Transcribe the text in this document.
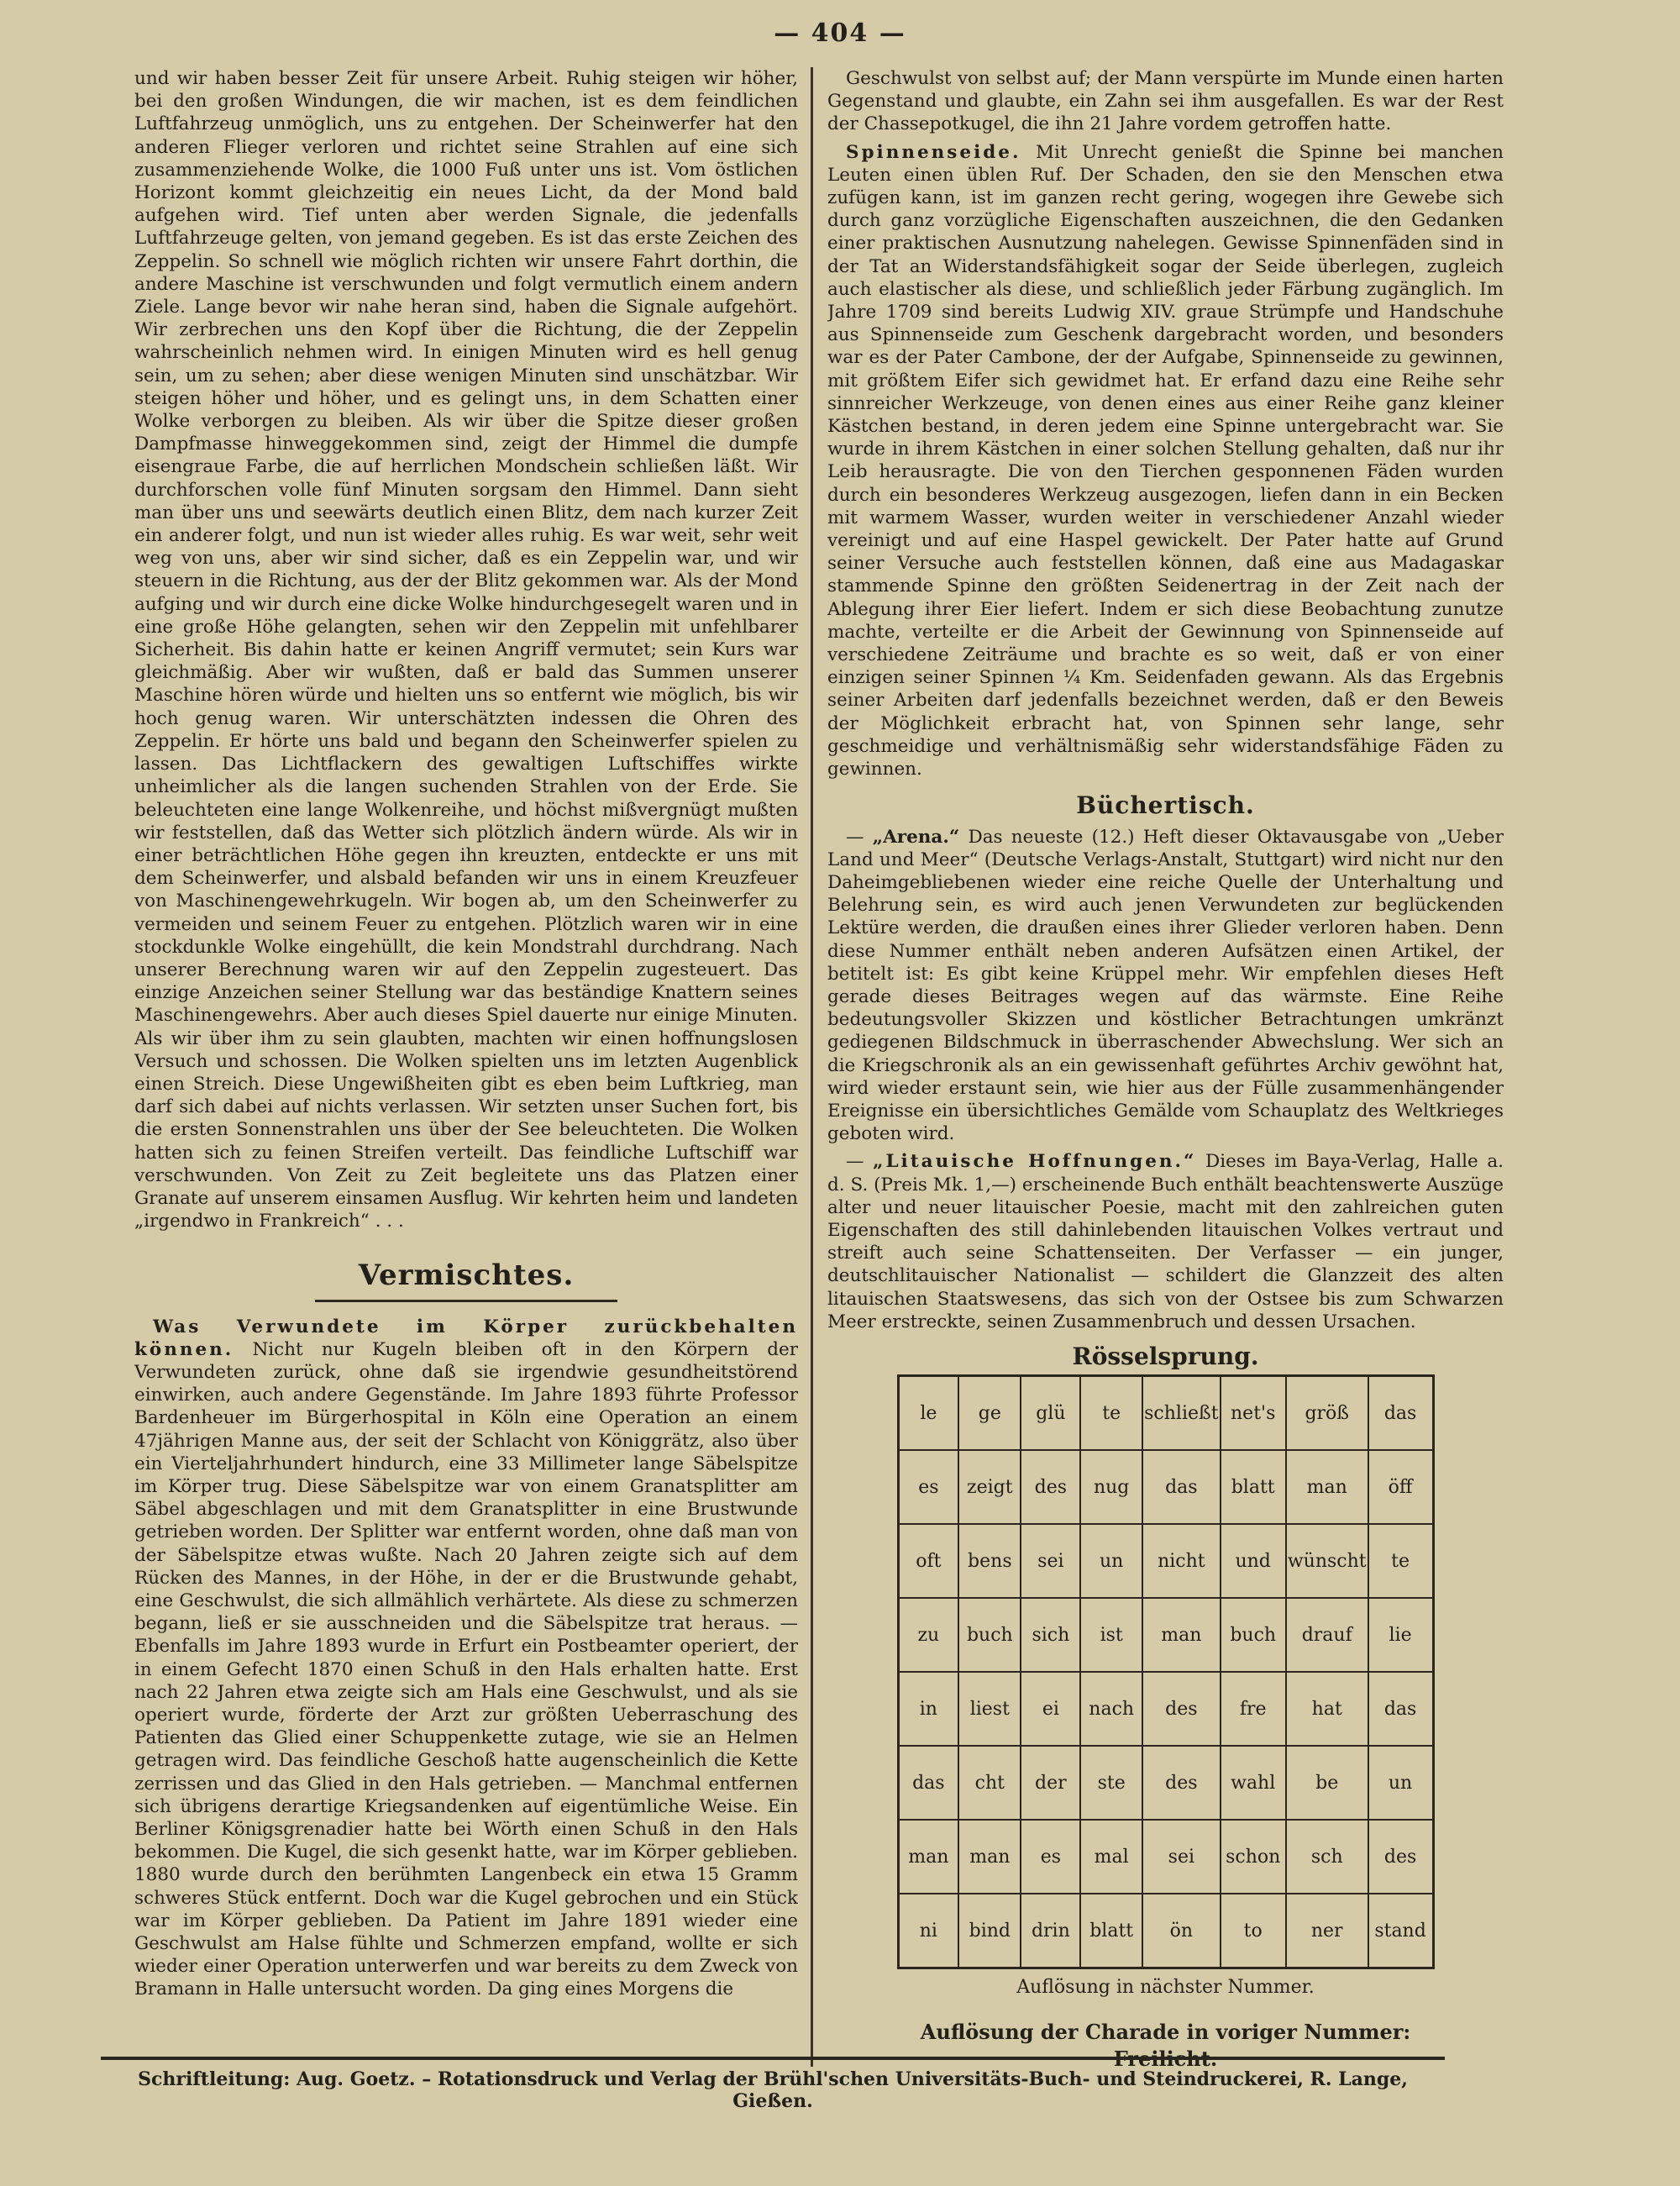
— 404 —

und wir haben besser Zeit für unsere Arbeit. Ruhig steigen wir höher, bei den großen Windungen, die wir machen, ist es dem feindlichen Luftfahrzeug unmöglich, uns zu entgehen. Der Scheinwerfer hat den anderen Flieger verloren und richtet seine Strahlen auf eine sich zusammenziehende Wolke, die 1000 Fuß unter uns ist. Vom östlichen Horizont kommt gleichzeitig ein neues Licht, da der Mond bald aufgehen wird. Tief unten aber werden Signale, die jedenfalls Luftfahrzeuge gelten, von jemand gegeben. Es ist das erste Zeichen des Zeppelin. So schnell wie möglich richten wir unsere Fahrt dorthin, die andere Maschine ist verschwunden und folgt vermutlich einem andern Ziele. Lange bevor wir nahe heran sind, haben die Signale aufgehört. Wir zerbrechen uns den Kopf über die Richtung, die der Zeppelin wahrscheinlich nehmen wird. In einigen Minuten wird es hell genug sein, um zu sehen; aber diese wenigen Minuten sind unschätzbar. Wir steigen höher und höher, und es gelingt uns, in dem Schatten einer Wolke verborgen zu bleiben. Als wir über die Spitze dieser großen Dampfmasse hinweggekommen sind, zeigt der Himmel die dumpfe eisengraue Farbe, die auf herrlichen Mondschein schließen läßt. Wir durchforschen volle fünf Minuten sorgsam den Himmel. Dann sieht man über uns und seewärts deutlich einen Blitz, dem nach kurzer Zeit ein anderer folgt, und nun ist wieder alles ruhig. Es war weit, sehr weit weg von uns, aber wir sind sicher, daß es ein Zeppelin war, und wir steuern in die Richtung, aus der der Blitz gekommen war. Als der Mond aufging und wir durch eine dicke Wolke hindurchgesegelt waren und in eine große Höhe gelangten, sehen wir den Zeppelin mit unfehlbarer Sicherheit. Bis dahin hatte er keinen Angriff vermutet; sein Kurs war gleichmäßig. Aber wir wußten, daß er bald das Summen unserer Maschine hören würde und hielten uns so entfernt wie möglich, bis wir hoch genug waren. Wir unterschätzten indessen die Ohren des Zeppelin. Er hörte uns bald und begann den Scheinwerfer spielen zu lassen. Das Lichtflackern des gewaltigen Luftschiffes wirkte unheimlicher als die langen suchenden Strahlen von der Erde. Sie beleuchteten eine lange Wolkenreihe, und höchst mißvergnügt mußten wir feststellen, daß das Wetter sich plötzlich ändern würde. Als wir in einer beträchtlichen Höhe gegen ihn kreuzten, entdeckte er uns mit dem Scheinwerfer, und alsbald befanden wir uns in einem Kreuzfeuer von Maschinengewehrkugeln. Wir bogen ab, um den Scheinwerfer zu vermeiden und seinem Feuer zu entgehen. Plötzlich waren wir in eine stockdunkle Wolke eingehüllt, die kein Mondstrahl durchdrang. Nach unserer Berechnung waren wir auf den Zeppelin zugesteuert. Das einzige Anzeichen seiner Stellung war das beständige Knattern seines Maschinengewehrs. Aber auch dieses Spiel dauerte nur einige Minuten. Als wir über ihm zu sein glaubten, machten wir einen hoffnungslosen Versuch und schossen. Die Wolken spielten uns im letzten Augenblick einen Streich. Diese Ungewißheiten gibt es eben beim Luftkrieg, man darf sich dabei auf nichts verlassen. Wir setzten unser Suchen fort, bis die ersten Sonnenstrahlen uns über der See beleuchteten. Die Wolken hatten sich zu feinen Streifen verteilt. Das feindliche Luftschiff war verschwunden. Von Zeit zu Zeit begleitete uns das Platzen einer Granate auf unserem einsamen Ausflug. Wir kehrten heim und landeten „irgendwo in Frankreich“ . . .

Vermischtes.

Was Verwundete im Körper zurückbehalten können. Nicht nur Kugeln bleiben oft in den Körpern der Verwundeten zurück, ohne daß sie irgendwie gesundheitstörend einwirken, auch andere Gegenstände. Im Jahre 1893 führte Professor Bardenheuer im Bürgerhospital in Köln eine Operation an einem 47jährigen Manne aus, der seit der Schlacht von Königgrätz, also über ein Vierteljahrhundert hindurch, eine 33 Millimeter lange Säbelspitze im Körper trug. Diese Säbelspitze war von einem Granatsplitter am Säbel abgeschlagen und mit dem Granatsplitter in eine Brustwunde getrieben worden. Der Splitter war entfernt worden, ohne daß man von der Säbelspitze etwas wußte. Nach 20 Jahren zeigte sich auf dem Rücken des Mannes, in der Höhe, in der er die Brustwunde gehabt, eine Geschwulst, die sich allmählich verhärtete. Als diese zu schmerzen begann, ließ er sie ausschneiden und die Säbelspitze trat heraus. — Ebenfalls im Jahre 1893 wurde in Erfurt ein Postbeamter operiert, der in einem Gefecht 1870 einen Schuß in den Hals erhalten hatte. Erst nach 22 Jahren etwa zeigte sich am Hals eine Geschwulst, und als sie operiert wurde, förderte der Arzt zur größten Ueberraschung des Patienten das Glied einer Schuppenkette zutage, wie sie an Helmen getragen wird. Das feindliche Geschoß hatte augenscheinlich die Kette zerrissen und das Glied in den Hals getrieben. — Manchmal entfernen sich übrigens derartige Kriegsandenken auf eigentümliche Weise. Ein Berliner Königsgrenadier hatte bei Wörth einen Schuß in den Hals bekommen. Die Kugel, die sich gesenkt hatte, war im Körper geblieben. 1880 wurde durch den berühmten Langenbeck ein etwa 15 Gramm schweres Stück entfernt. Doch war die Kugel gebrochen und ein Stück war im Körper geblieben. Da Patient im Jahre 1891 wieder eine Geschwulst am Halse fühlte und Schmerzen empfand, wollte er sich wieder einer Operation unterwerfen und war bereits zu dem Zweck von Bramann in Halle untersucht worden. Da ging eines Morgens die

Geschwulst von selbst auf; der Mann verspürte im Munde einen harten Gegenstand und glaubte, ein Zahn sei ihm ausgefallen. Es war der Rest der Chassepotkugel, die ihn 21 Jahre vordem getroffen hatte.

Spinnenseide. Mit Unrecht genießt die Spinne bei manchen Leuten einen üblen Ruf. Der Schaden, den sie den Menschen etwa zufügen kann, ist im ganzen recht gering, wogegen ihre Gewebe sich durch ganz vorzügliche Eigenschaften auszeichnen, die den Gedanken einer praktischen Ausnutzung nahelegen. Gewisse Spinnenfäden sind in der Tat an Widerstandsfähigkeit sogar der Seide überlegen, zugleich auch elastischer als diese, und schließlich jeder Färbung zugänglich. Im Jahre 1709 sind bereits Ludwig XIV. graue Strümpfe und Handschuhe aus Spinnenseide zum Geschenk dargebracht worden, und besonders war es der Pater Cambone, der der Aufgabe, Spinnenseide zu gewinnen, mit größtem Eifer sich gewidmet hat. Er erfand dazu eine Reihe sehr sinnreicher Werkzeuge, von denen eines aus einer Reihe ganz kleiner Kästchen bestand, in deren jedem eine Spinne untergebracht war. Sie wurde in ihrem Kästchen in einer solchen Stellung gehalten, daß nur ihr Leib herausragte. Die von den Tierchen gesponnenen Fäden wurden durch ein besonderes Werkzeug ausgezogen, liefen dann in ein Becken mit warmem Wasser, wurden weiter in verschiedener Anzahl wieder vereinigt und auf eine Haspel gewickelt. Der Pater hatte auf Grund seiner Versuche auch feststellen können, daß eine aus Madagaskar stammende Spinne den größten Seidenertrag in der Zeit nach der Ablegung ihrer Eier liefert. Indem er sich diese Beobachtung zunutze machte, verteilte er die Arbeit der Gewinnung von Spinnenseide auf verschiedene Zeiträume und brachte es so weit, daß er von einer einzigen seiner Spinnen ¼ Km. Seidenfaden gewann. Als das Ergebnis seiner Arbeiten darf jedenfalls bezeichnet werden, daß er den Beweis der Möglichkeit erbracht hat, von Spinnen sehr lange, sehr geschmeidige und verhältnismäßig sehr widerstandsfähige Fäden zu gewinnen.

Büchertisch.

— „Arena.“ Das neueste (12.) Heft dieser Oktavausgabe von „Ueber Land und Meer“ (Deutsche Verlags-Anstalt, Stuttgart) wird nicht nur den Daheimgebliebenen wieder eine reiche Quelle der Unterhaltung und Belehrung sein, es wird auch jenen Verwundeten zur beglückenden Lektüre werden, die draußen eines ihrer Glieder verloren haben. Denn diese Nummer enthält neben anderen Aufsätzen einen Artikel, der betitelt ist: Es gibt keine Krüppel mehr. Wir empfehlen dieses Heft gerade dieses Beitrages wegen auf das wärmste. Eine Reihe bedeutungsvoller Skizzen und köstlicher Betrachtungen umkränzt gediegenen Bildschmuck in überraschender Abwechslung. Wer sich an die Kriegschronik als an ein gewissenhaft geführtes Archiv gewöhnt hat, wird wieder erstaunt sein, wie hier aus der Fülle zusammenhängender Ereignisse ein übersichtliches Gemälde vom Schauplatz des Weltkrieges geboten wird.

— „Litauische Hoffnungen.“ Dieses im Baya-Verlag, Halle a. d. S. (Preis Mk. 1,—) erscheinende Buch enthält beachtenswerte Auszüge alter und neuer litauischer Poesie, macht mit den zahlreichen guten Eigenschaften des still dahinlebenden litauischen Volkes vertraut und streift auch seine Schattenseiten. Der Verfasser — ein junger, deutschlitauischer Nationalist — schildert die Glanzzeit des alten litauischen Staatswesens, das sich von der Ostsee bis zum Schwarzen Meer erstreckte, seinen Zusammenbruch und dessen Ursachen.

Rösselsprung.
le	ge	glü	te	schließt	net's	größ	das
es	zeigt	des	nug	das	blatt	man	öff
oft	bens	sei	un	nicht	und	wünscht	te
zu	buch	sich	ist	man	buch	drauf	lie
in	liest	ei	nach	des	fre	hat	das
das	cht	der	ste	des	wahl	be	un
man	man	es	mal	sei	schon	sch	des
ni	bind	drin	blatt	ön	to	ner	stand
Auflösung in nächster Nummer.
Auflösung der Charade in voriger Nummer:
Schriftleitung: Aug. Goetz. – Rotationsdruck und Verlag der Brühl'schen Universitäts-Buch- und Steindruckerei, R. Lange, Gießen.
